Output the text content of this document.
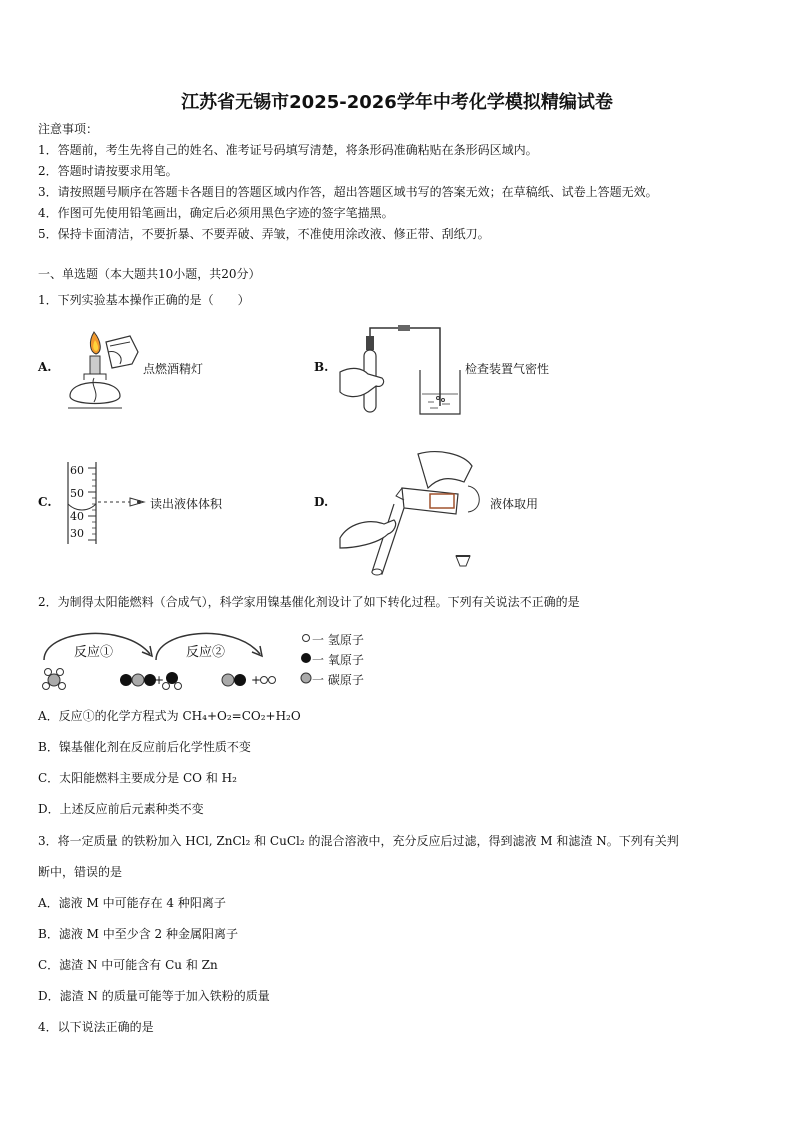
江苏省无锡市2025-2026学年中考化学模拟精编试卷
注意事项：
1．答题前，考生先将自己的姓名、准考证号码填写清楚，将条形码准确粘贴在条形码区域内。
2．答题时请按要求用笔。
3．请按照题号顺序在答题卡各题目的答题区域内作答，超出答题区域书写的答案无效；在草稿纸、试卷上答题无效。
4．作图可先使用铅笔画出，确定后必须用黑色字迹的签字笔描黑。
5．保持卡面清洁，不要折暴、不要弄破、弄皱，不准使用涂改液、修正带、刮纸刀。
一、单选题（本大题共10小题，共20分）
1．下列实验基本操作正确的是（　　）
A.	点燃酒精灯	B.	检查装置气密性
C.
60
50
40
30
读出液体体积	D.	液体取用
2．为制得太阳能燃料（合成气），科学家用镍基催化剂设计了如下转化过程。下列有关说法不正确的是
反应①	反应②
+	+
一 氢原子
一 氧原子
一 碳原子
A．反应①的化学方程式为 CH₄+O₂=CO₂+H₂O
B．镍基催化剂在反应前后化学性质不变
C．太阳能燃料主要成分是 CO 和 H₂
D．上述反应前后元素种类不变
3．将一定质量 的铁粉加入 HCl, ZnCl₂ 和 CuCl₂ 的混合溶液中，充分反应后过滤，得到滤液 M 和滤渣 N。下列有关判
断中，错误的是
A．滤液 M 中可能存在 4 种阳离子
B．滤液 M 中至少含 2 种金属阳离子
C．滤渣 N 中可能含有 Cu 和 Zn
D．滤渣 N 的质量可能等于加入铁粉的质量
4．以下说法正确的是
